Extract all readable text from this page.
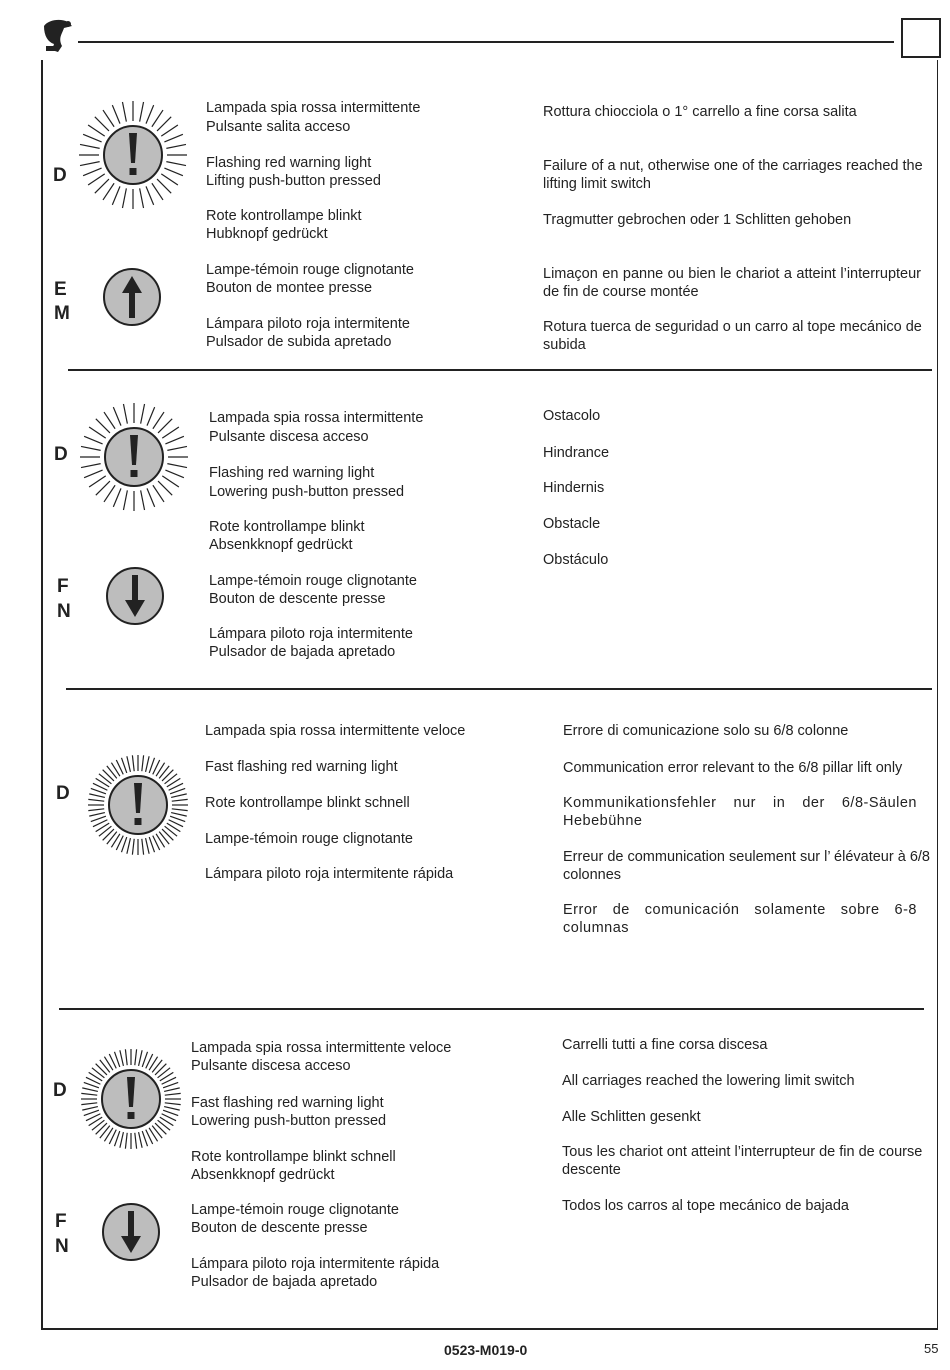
D
E
M
Lampada spia rossa intermittente
Pulsante salita acceso
Flashing red warning light
Lifting push-button pressed
Rote kontrollampe blinkt
Hubknopf gedrückt
Lampe-témoin rouge clignotante
Bouton de montee presse
Lámpara piloto roja intermitente
Pulsador de subida apretado
Rottura chiocciola o 1° carrello a fine corsa salita
Failure of a nut, otherwise one of the carriages reached the lifting limit switch
Tragmutter gebrochen oder 1 Schlitten gehoben
Limaçon en panne ou bien le chariot a atteint l’interrupteur de fin de course montée
Rotura tuerca de seguridad o un carro al tope mecánico de subida
D
F
N
Lampada spia rossa intermittente
Pulsante discesa acceso
Flashing red warning light
Lowering push-button pressed
Rote kontrollampe blinkt
Absenkknopf gedrückt
Lampe-témoin rouge clignotante
Bouton de descente presse
Lámpara piloto roja intermitente
Pulsador de bajada apretado
Ostacolo
Hindrance
Hindernis
Obstacle
Obstáculo
D
Lampada spia rossa intermittente veloce
Fast flashing red warning light
Rote kontrollampe blinkt schnell
Lampe-témoin rouge clignotante
Lámpara piloto roja intermitente rápida
Errore di comunicazione solo su 6/8 colonne
Communication error relevant to the 6/8 pillar lift only
Kommunikationsfehler nur in der 6/8-Säulen Hebebühne
Erreur de communication seulement sur l’ élévateur à 6/8 colonnes
Error de comunicación solamente sobre 6-8 columnas
D
F
N
Lampada spia rossa intermittente veloce
Pulsante discesa acceso
Fast flashing red warning light
Lowering push-button pressed
Rote kontrollampe blinkt schnell
Absenkknopf gedrückt
Lampe-témoin rouge clignotante
Bouton de descente presse
Lámpara piloto roja intermitente rápida
Pulsador de bajada apretado
Carrelli tutti a fine corsa discesa
All carriages reached the lowering limit switch
Alle Schlitten gesenkt
Tous les chariot ont atteint l’interrupteur de fin de course descente
Todos los carros al tope mecánico de bajada
0523-M019-0	55
